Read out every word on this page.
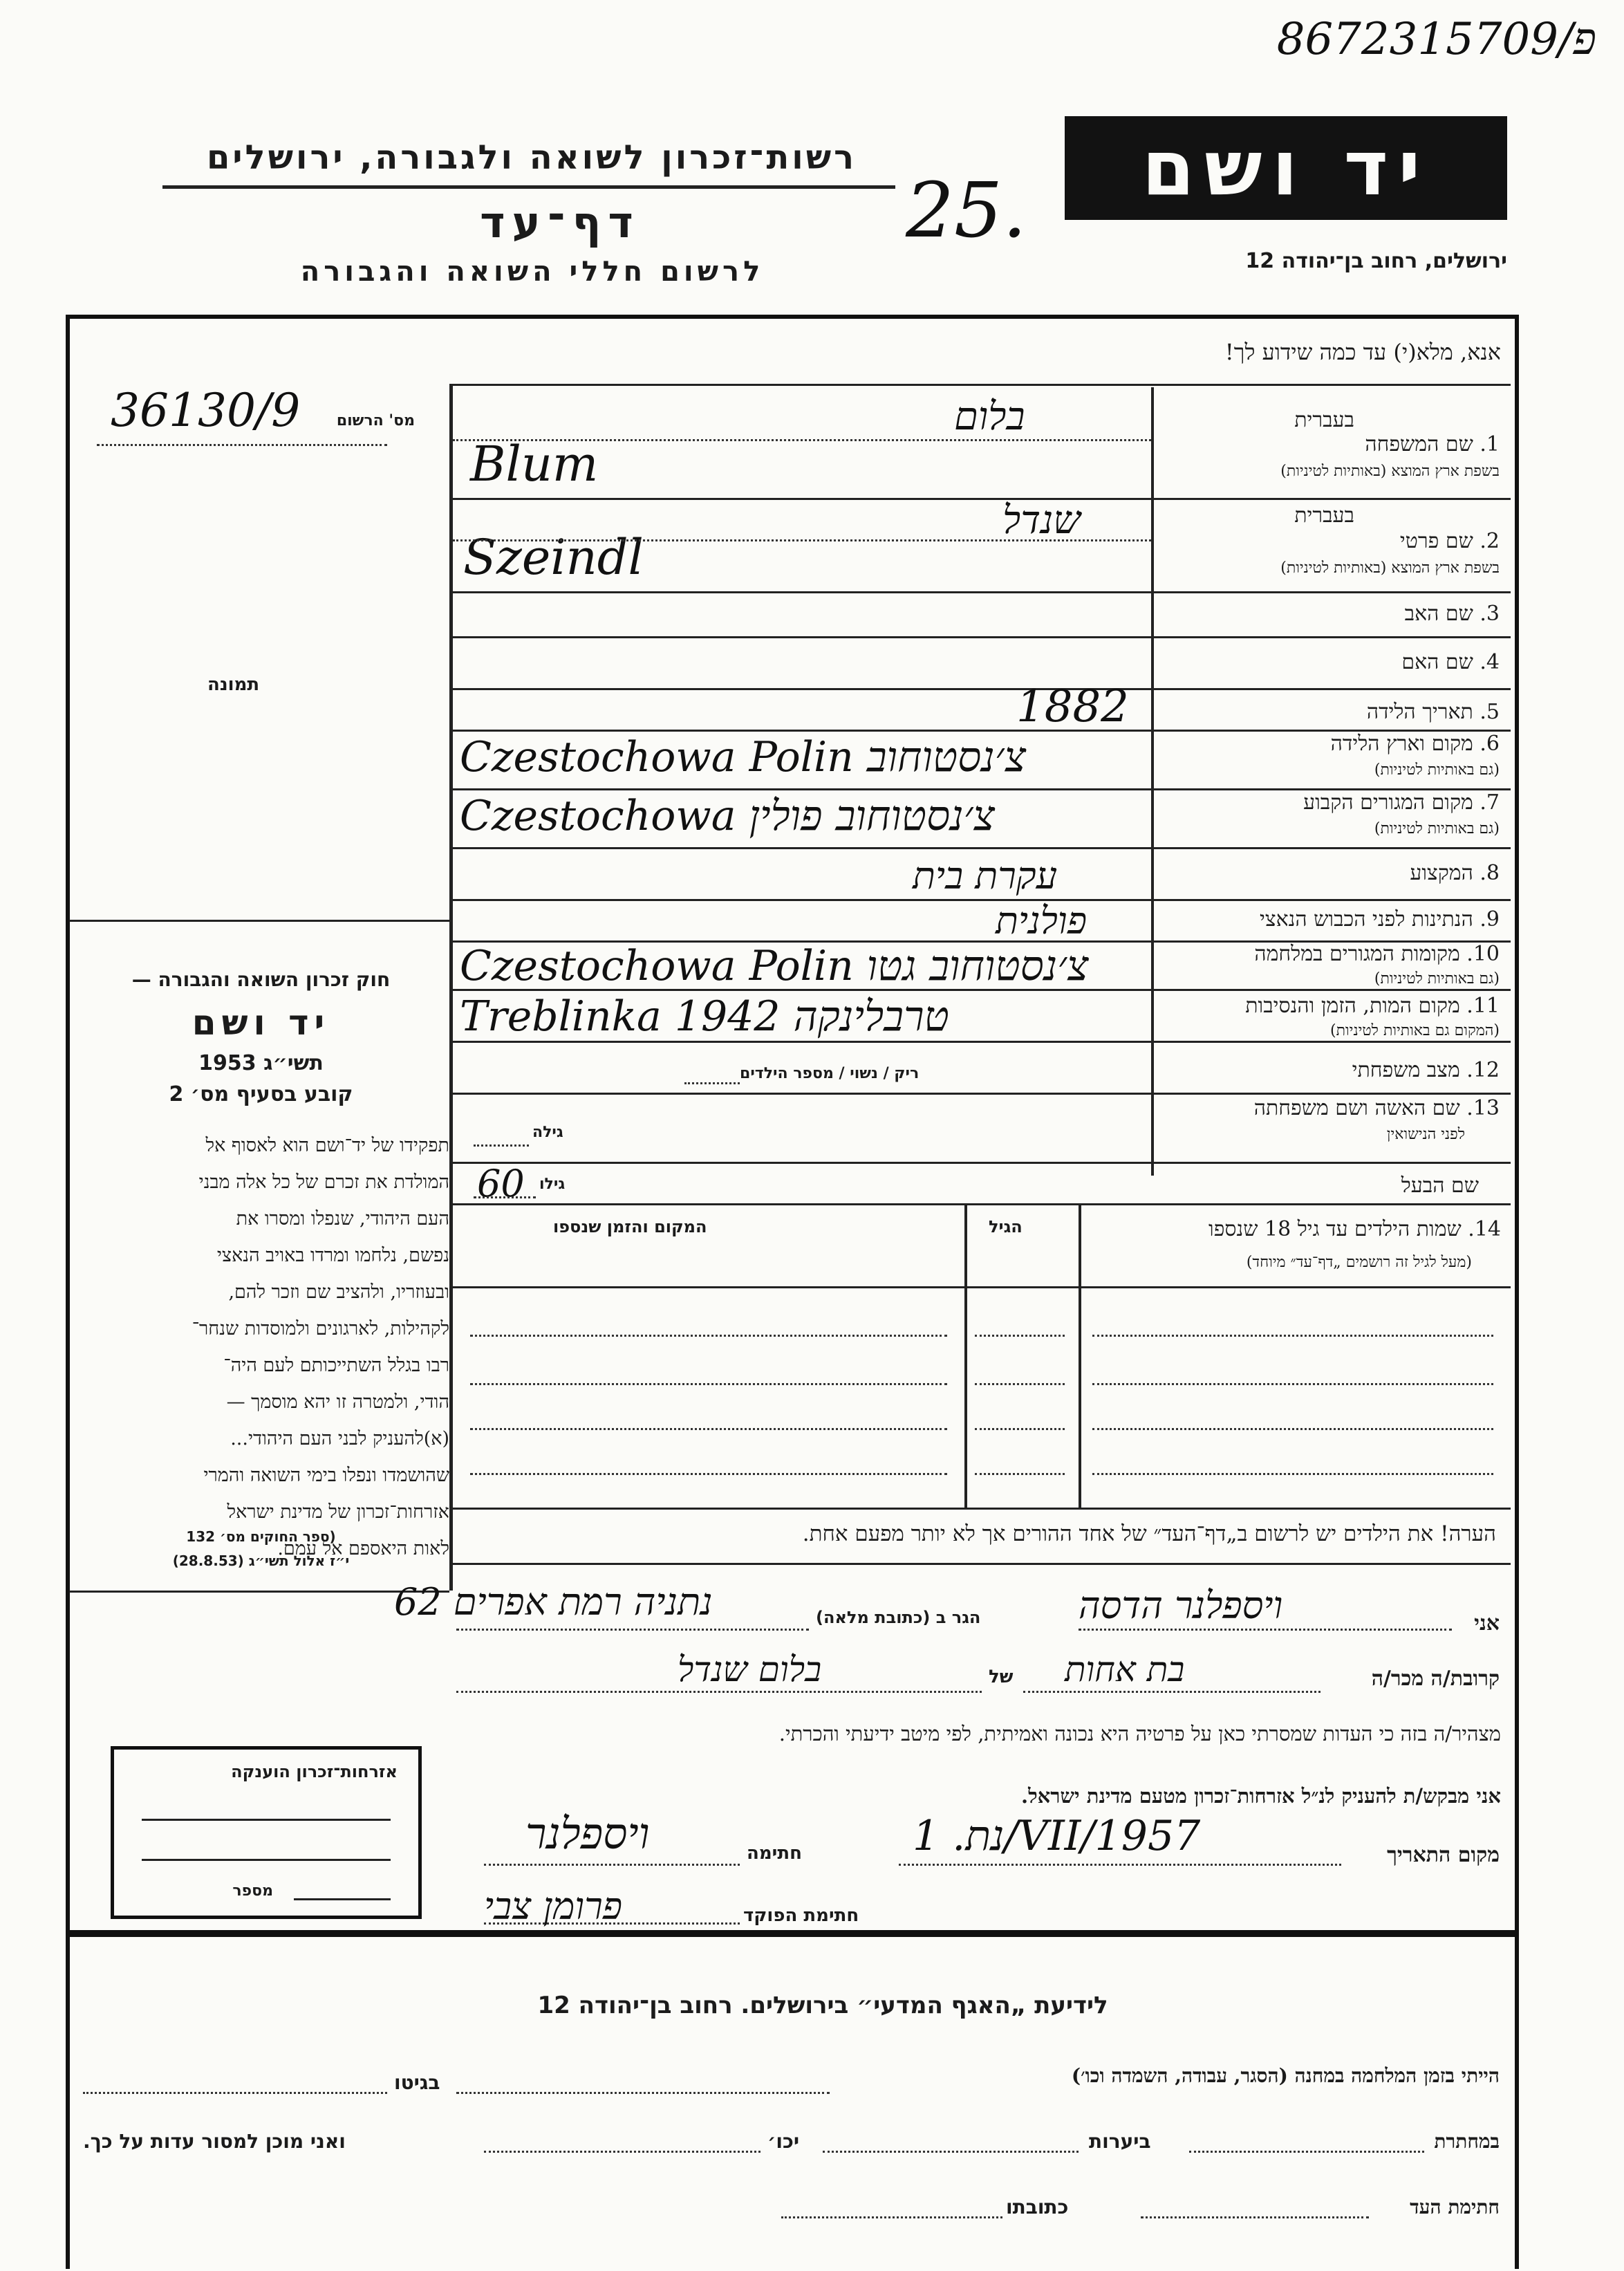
8672315709/פ
רשות־זכרון לשואה ולגבורה, ירושלים	יד ושם
ירושלים, רחוב בן־יהודה 12
דף־עד
לרשום חללי השואה והגבורה
25.
אנא, מלא(י) עד כמה שידוע לך!
36130/9 מס' הרשום
תמונה
חוק זכרון השואה והגבורה —
יד ושם
תשי״ג 1953
קובע בסעיף מס׳ 2
תפקידו של יד־ושם הוא לאסוף אל
המולדת את זכרם של כל אלה מבני
העם היהודי, שנפלו ומסרו את
נפשם, נלחמו ומרדו באויב הנאצי
ובעוזריו, ולהציב שם וזכר להם,
לקהילות, לארגונים ולמוסדות שנחר־
רבו בגלל השתייכותם לעם היה־
הודי, ולמטרה זו יהא מוסמך —
(א)להעניק לבני העם היהודי...
שהושמדו ונפלו בימי השואה והמרי
אזרחות־זכרון של מדינת ישראל
לאות היאספם אל עמם.
(ספר החוקים מס׳ 132
י״ז אלול תשי״ג (28.8.53)
אזרחות־זכרון הוענקה
מספר
בעברית
1. שם המשפחה
בשפת ארץ המוצא (באותיות לטיניות)
בלום
Blum
בעברית
2. שם פרטי
בשפת ארץ המוצא (באותיות לטיניות)
שנדל
Szeindl
3. שם האב
4. שם האם
5. תאריך הלידה
1882
6. מקום וארץ הלידה
(גם באותיות לטיניות)
Czestochowa Polin צ׳נסטוחוב
7. מקום המגורים הקבוע
(גם באותיות לטיניות)
Czestochowa צ׳נסטוחוב פולין
8. המקצוע
עקרת בית
9. הנתינות לפני הכבוש הנאצי
פולנית
10. מקומות המגורים במלחמה
(גם באותיות לטיניות)
Czestochowa Polin צ׳נסטוחוב גטו
11. מקום המות, הזמן והנסיבות
(המקום גם באותיות לטיניות)
Treblinka 1942 טרבלינקה
12. מצב משפחתי
ריק / נשוי / מספר הילדים
13. שם האשה ושם משפחתה
לפני הנישואין
גילה
שם הבעל
60 גילו
14. שמות הילדים עד גיל 18 שנספו
(מעל לגיל זה רושמים „דף־עד״ מיוחד)
הגיל
המקום והזמן שנספו
הערה! את הילדים יש לרשום ב„דף־העד״ של אחד ההורים אך לא יותר מפעם אחת.
אני
ויספלנר הדסה
הגר ב (כתובת מלאה)
נתניה רמת אפרים 62
קרובת/ה מכר/ה
בת אחות
של
בלום שנדל
מצהיר/ה בזה כי העדות שמסרתי כאן על פרטיה היא נכונה ואמיתית, לפי מיטב ידיעתי והכרתי.
אני מבקש/ת להעניק לנ״ל אזרחות־זכרון מטעם מדינת ישראל.
מקום התאריך
נת. 1/VII/1957
חתימה
ויספלנר
חתימת הפוקד
פרומן צבי
לידיעת „האגף המדעי״ בירושלים. רחוב בן־יהודה 12
הייתי בזמן המלחמה במחנה (הסגר, עבודה, השמדה וכו׳)
בגיטו
במחתרת
ביערות
יכו׳
ואני מוכן למסור עדות על כך.
חתימת העד
כתובתו
